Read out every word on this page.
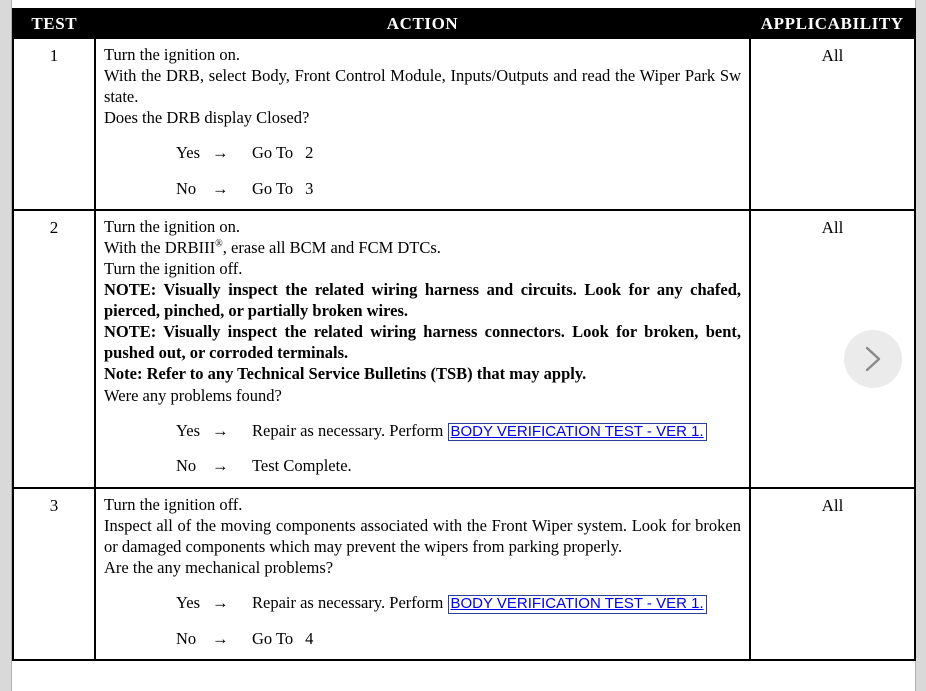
TEST	ACTION	APPLICABILITY
1	Turn the ignition on.
With the DRB, select Body, Front Control Module, Inputs/Outputs and read the Wiper Park Sw state.
Does the DRB display Closed?
Yes →	Go To 2
No →	Go To 3
	All
2	Turn the ignition on.
With the DRBIII®, erase all BCM and FCM DTCs.
Turn the ignition off.
NOTE: Visually inspect the related wiring harness and circuits. Look for any chafed, pierced, pinched, or partially broken wires.
NOTE: Visually inspect the related wiring harness connectors. Look for broken, bent, pushed out, or corroded terminals.
Note: Refer to any Technical Service Bulletins (TSB) that may apply.
Were any problems found?
Yes →	Repair as necessary. Perform BODY VERIFICATION TEST - VER 1.
No →	Test Complete.
	All
3	Turn the ignition off.
Inspect all of the moving components associated with the Front Wiper system. Look for broken or damaged components which may prevent the wipers from parking properly.
Are the any mechanical problems?
Yes →	Repair as necessary. Perform BODY VERIFICATION TEST - VER 1.
No →	Go To 4
	All
